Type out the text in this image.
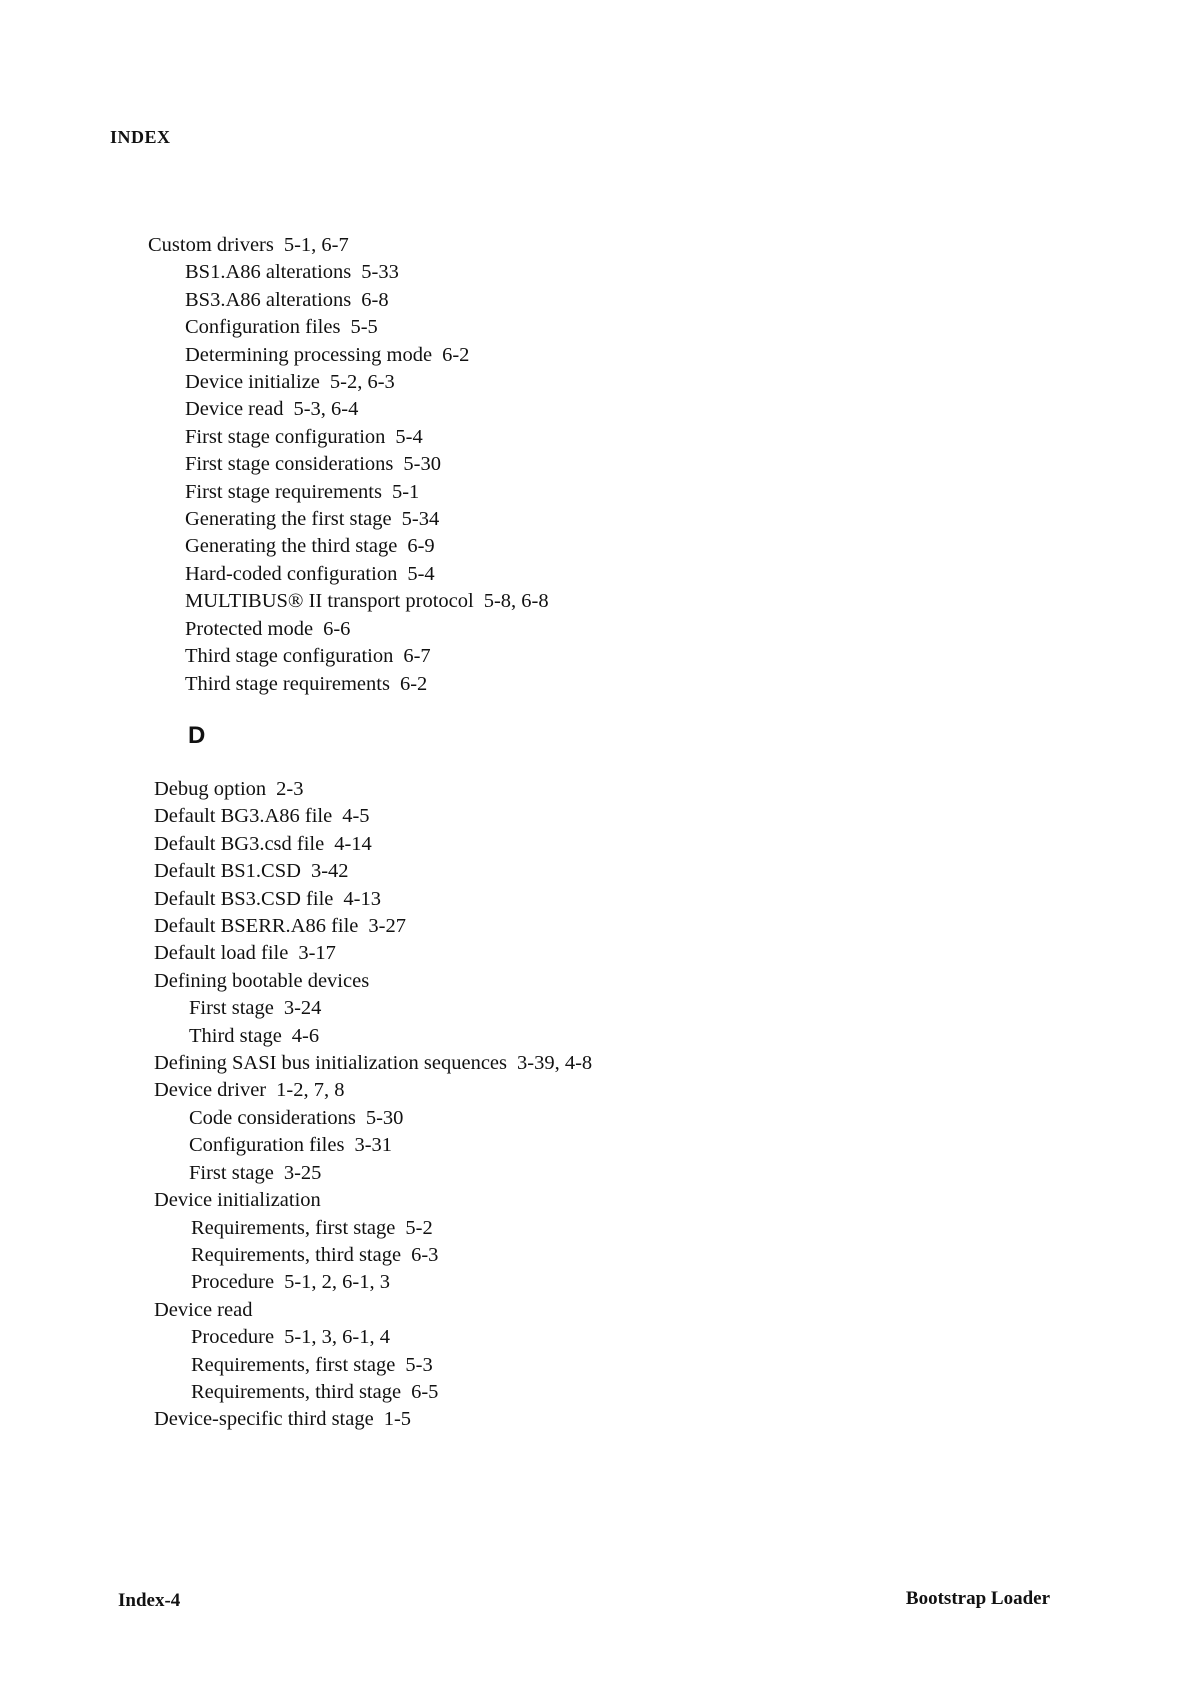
INDEX
Custom drivers 5-1, 6-7
BS1.A86 alterations 5-33
BS3.A86 alterations 6-8
Configuration files 5-5
Determining processing mode 6-2
Device initialize 5-2, 6-3
Device read 5-3, 6-4
First stage configuration 5-4
First stage considerations 5-30
First stage requirements 5-1
Generating the first stage 5-34
Generating the third stage 6-9
Hard-coded configuration 5-4
MULTIBUS® II transport protocol 5-8, 6-8
Protected mode 6-6
Third stage configuration 6-7
Third stage requirements 6-2
D
Debug option 2-3
Default BG3.A86 file 4-5
Default BG3.csd file 4-14
Default BS1.CSD 3-42
Default BS3.CSD file 4-13
Default BSERR.A86 file 3-27
Default load file 3-17
Defining bootable devices
First stage 3-24
Third stage 4-6
Defining SASI bus initialization sequences 3-39, 4-8
Device driver 1-2, 7, 8
Code considerations 5-30
Configuration files 3-31
First stage 3-25
Device initialization
Requirements, first stage 5-2
Requirements, third stage 6-3
Procedure 5-1, 2, 6-1, 3
Device read
Procedure 5-1, 3, 6-1, 4
Requirements, first stage 5-3
Requirements, third stage 6-5
Device-specific third stage 1-5
Index-4	Bootstrap Loader
